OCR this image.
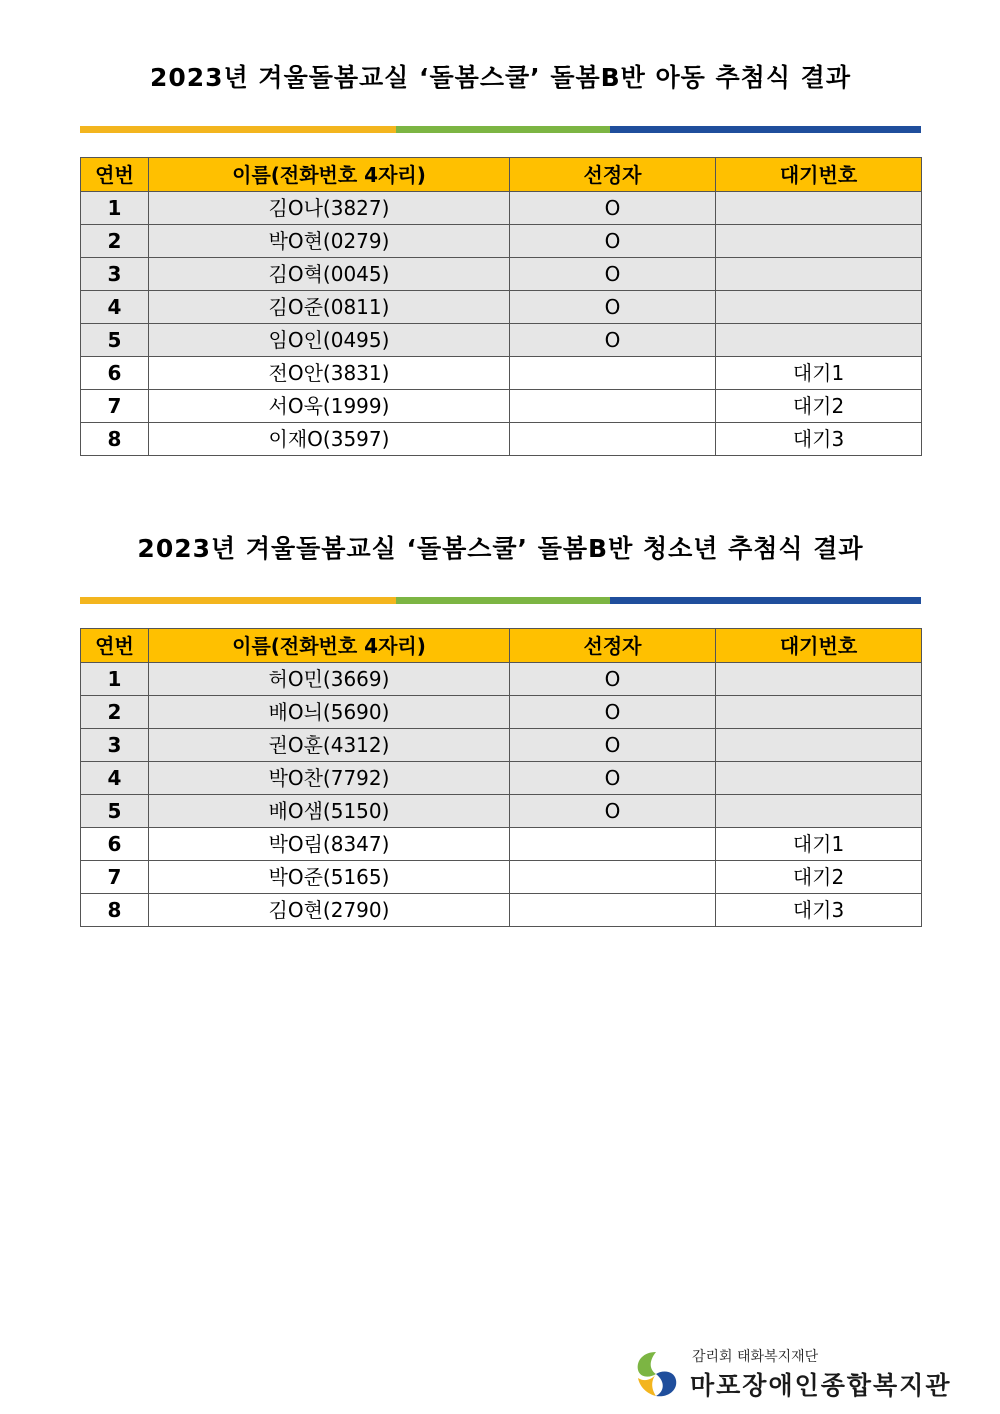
2023년 겨울돌봄교실 ‘돌봄스쿨’ 돌봄B반 아동 추첨식 결과
연번	이름(전화번호 4자리)	선정자	대기번호
1	김O나(3827)	O	
2	박O현(0279)	O	
3	김O혁(0045)	O	
4	김O준(0811)	O	
5	임O인(0495)	O	
6	전O안(3831)		대기1
7	서O욱(1999)		대기2
8	이재O(3597)		대기3
2023년 겨울돌봄교실 ‘돌봄스쿨’ 돌봄B반 청소년 추첨식 결과
연번	이름(전화번호 4자리)	선정자	대기번호
1	허O민(3669)	O	
2	배O늬(5690)	O	
3	권O훈(4312)	O	
4	박O찬(7792)	O	
5	배O샘(5150)	O	
6	박O림(8347)		대기1
7	박O준(5165)		대기2
8	김O현(2790)		대기3
감리회 태화복지재단
마포장애인종합복지관
